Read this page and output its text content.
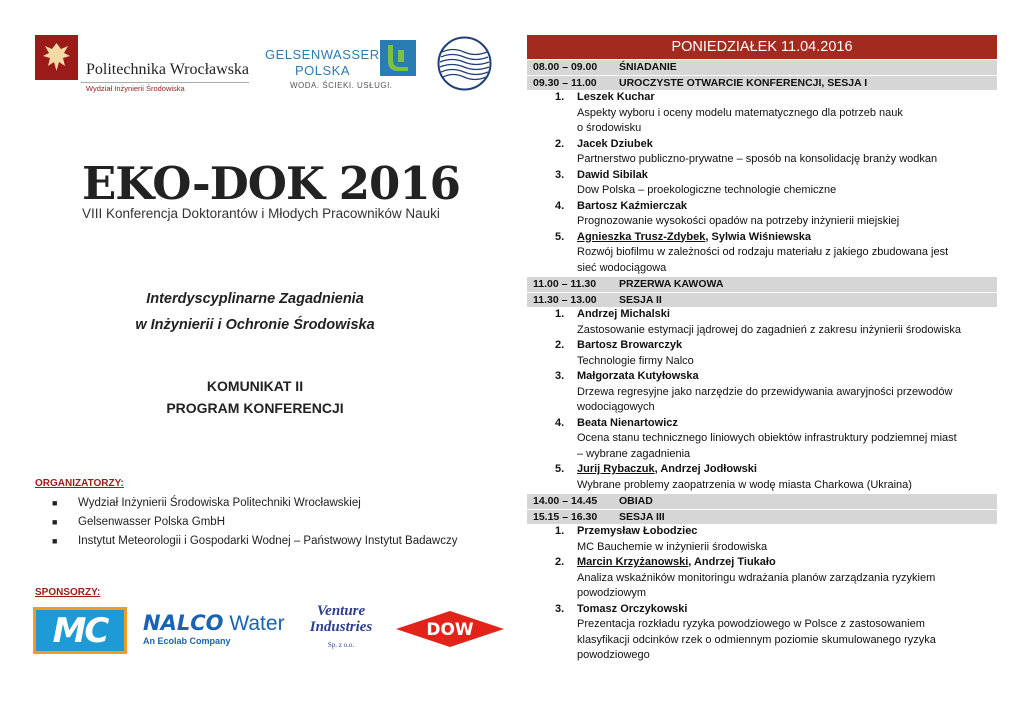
Politechnika Wrocławska
Wydział Inżynierii Środowiska
GELSENWASSER
POLSKA
WODA. ŚCIEKI. USŁUGI.
EKO-DOK 2016
VIII Konferencja Doktorantów i Młodych Pracowników Nauki
Interdyscyplinarne Zagadnienia
w Inżynierii i Ochronie Środowiska
KOMUNIKAT II
PROGRAM KONFERENCJI
ORGANIZATORZY:
■ Wydział Inżynierii Środowiska Politechniki Wrocławskiej
■ Gelsenwasser Polska GmbH
■ Instytut Meteorologii i Gospodarki Wodnej – Państwowy Instytut Badawczy
SPONSORZY:
MC NALCO Water
An Ecolab Company
Venture
Industries
Sp. z o.o.
DOW
PONIEDZIAŁEK 11.04.2016
08.00 – 09.00 ŚNIADANIE
09.30 – 11.00 UROCZYSTE OTWARCIE KONFERENCJI, SESJA I
1. Leszek Kuchar
Aspekty wyboru i oceny modelu matematycznego dla potrzeb nauk
o środowisku
2. Jacek Dziubek
Partnerstwo publiczno-prywatne – sposób na konsolidację branży wodkan
3. Dawid Sibilak
Dow Polska – proekologiczne technologie chemiczne
4. Bartosz Kaźmierczak
Prognozowanie wysokości opadów na potrzeby inżynierii miejskiej
5. Agnieszka Trusz-Zdybek, Sylwia Wiśniewska
Rozwój biofilmu w zależności od rodzaju materiału z jakiego zbudowana jest
sieć wodociągowa
11.00 – 11.30 PRZERWA KAWOWA
11.30 – 13.00 SESJA II
1. Andrzej Michalski
Zastosowanie estymacji jądrowej do zagadnień z zakresu inżynierii środowiska
2. Bartosz Browarczyk
Technologie firmy Nalco
3. Małgorzata Kutyłowska
Drzewa regresyjne jako narzędzie do przewidywania awaryjności przewodów
wodociągowych
4. Beata Nienartowicz
Ocena stanu technicznego liniowych obiektów infrastruktury podziemnej miast
– wybrane zagadnienia
5. Jurij Rybaczuk, Andrzej Jodłowski
Wybrane problemy zaopatrzenia w wodę miasta Charkowa (Ukraina)
14.00 – 14.45 OBIAD
15.15 – 16.30 SESJA III
1. Przemysław Łobodziec
MC Bauchemie w inżynierii środowiska
2. Marcin Krzyżanowski, Andrzej Tiukało
Analiza wskaźników monitoringu wdrażania planów zarządzania ryzykiem
powodziowym
3. Tomasz Orczykowski
Prezentacja rozkładu ryzyka powodziowego w Polsce z zastosowaniem
klasyfikacji odcinków rzek o odmiennym poziomie skumulowanego ryzyka
powodziowego
